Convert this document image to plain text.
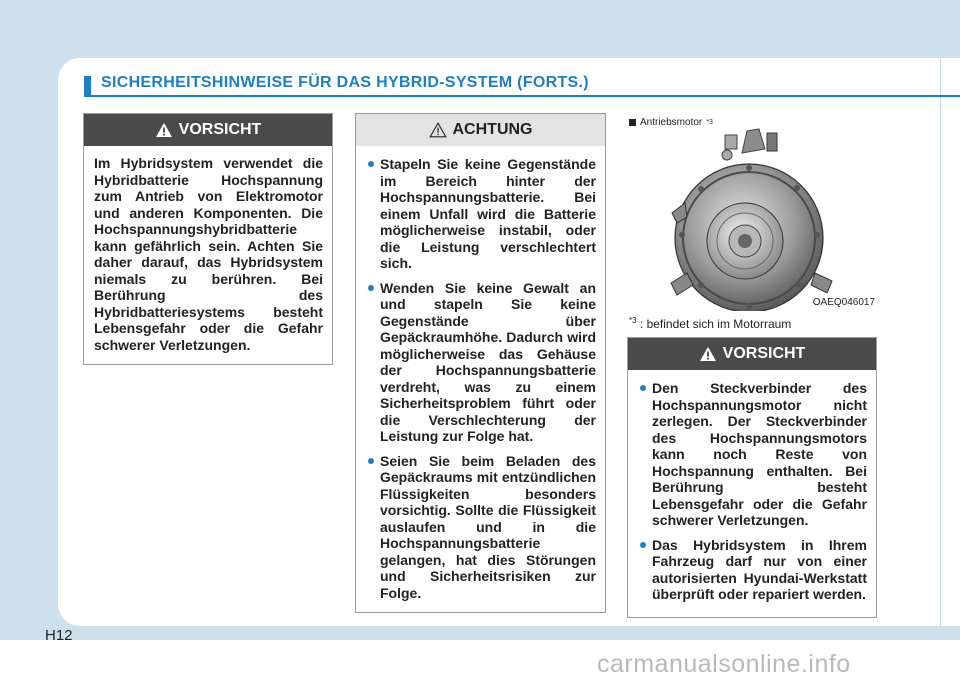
SICHERHEITSHINWEISE FÜR DAS HYBRID-SYSTEM (FORTS.)
VORSICHT
Im Hybridsystem verwendet die Hybridbatterie Hochspannung zum Antrieb von Elektromotor und anderen Komponenten. Die Hochspannungshybridbatterie kann gefährlich sein. Achten Sie daher darauf, das Hybridsystem niemals zu berühren. Bei Berührung des Hybridbatteriesystems besteht Lebensgefahr oder die Gefahr schwerer Verletzungen.
ACHTUNG
Stapeln Sie keine Gegenstände im Bereich hinter der Hochspannungsbatterie. Bei einem Unfall wird die Batterie möglicherweise instabil, oder die Leistung verschlechtert sich.
Wenden Sie keine Gewalt an und stapeln Sie keine Gegenstände über Gepäckraumhöhe. Dadurch wird möglicherweise das Gehäuse der Hochspannungsbatterie verdreht, was zu einem Sicherheitsproblem führt oder die Verschlechterung der Leistung zur Folge hat.
Seien Sie beim Beladen des Gepäckraums mit entzündlichen Flüssigkeiten besonders vorsichtig. Sollte die Flüssigkeit auslaufen und in die Hochspannungsbatterie gelangen, hat dies Störungen und Sicherheitsrisiken zur Folge.
OAEQ046017
Antriebsmotor *3
$^{*3}$ : befindet sich im Motorraum
VORSICHT
Den Steckverbinder des Hochspannungsmotor nicht zerlegen. Der Steckverbinder des Hochspannungsmotors kann noch Reste von Hochspannung enthalten. Bei Berührung besteht Lebensgefahr oder die Gefahr schwerer Verletzungen.
Das Hybridsystem in Ihrem Fahrzeug darf nur von einer autorisierten Hyundai-Werkstatt überprüft oder repariert werden.
H12
carmanualsonline.info
